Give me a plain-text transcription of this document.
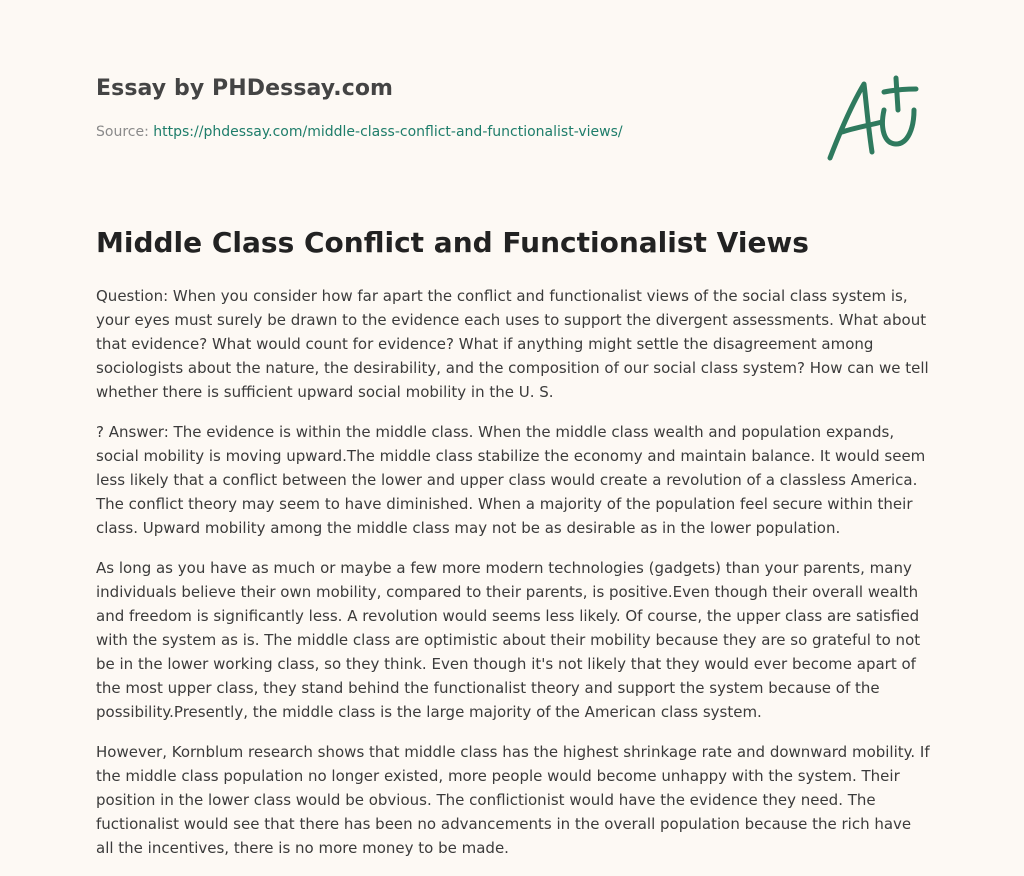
Essay by PHDessay.com
Source: https://phdessay.com/middle-class-conflict-and-functionalist-views/
Middle Class Conflict and Functionalist Views

Question: When you consider how far apart the conflict and functionalist views of the social class system is, your eyes must surely be drawn to the evidence each uses to support the divergent assessments. What about that evidence? What would count for evidence? What if anything might settle the disagreement among sociologists about the nature, the desirability, and the composition of our social class system? How can we tell whether there is sufficient upward social mobility in the U. S.

? Answer: The evidence is within the middle class. When the middle class wealth and population expands, social mobility is moving upward.The middle class stabilize the economy and maintain balance. It would seem less likely that a conflict between the lower and upper class would create a revolution of a classless America. The conflict theory may seem to have diminished. When a majority of the population feel secure within their class. Upward mobility among the middle class may not be as desirable as in the lower population.

As long as you have as much or maybe a few more modern technologies (gadgets) than your parents, many individuals believe their own mobility, compared to their parents, is positive.Even though their overall wealth and freedom is significantly less. A revolution would seems less likely. Of course, the upper class are satisfied with the system as is. The middle class are optimistic about their mobility because they are so grateful to not be in the lower working class, so they think. Even though it's not likely that they would ever become apart of the most upper class, they stand behind the functionalist theory and support the system because of the possibility.Presently, the middle class is the large majority of the American class system.

However, Kornblum research shows that middle class has the highest shrinkage rate and downward mobility. If the middle class population no longer existed, more people would become unhappy with the system. Their position in the lower class would be obvious. The conflictionist would have the evidence they need. The fuctionalist would see that there has been no advancements in the overall population because the rich have all the incentives, there is no more money to be made.
